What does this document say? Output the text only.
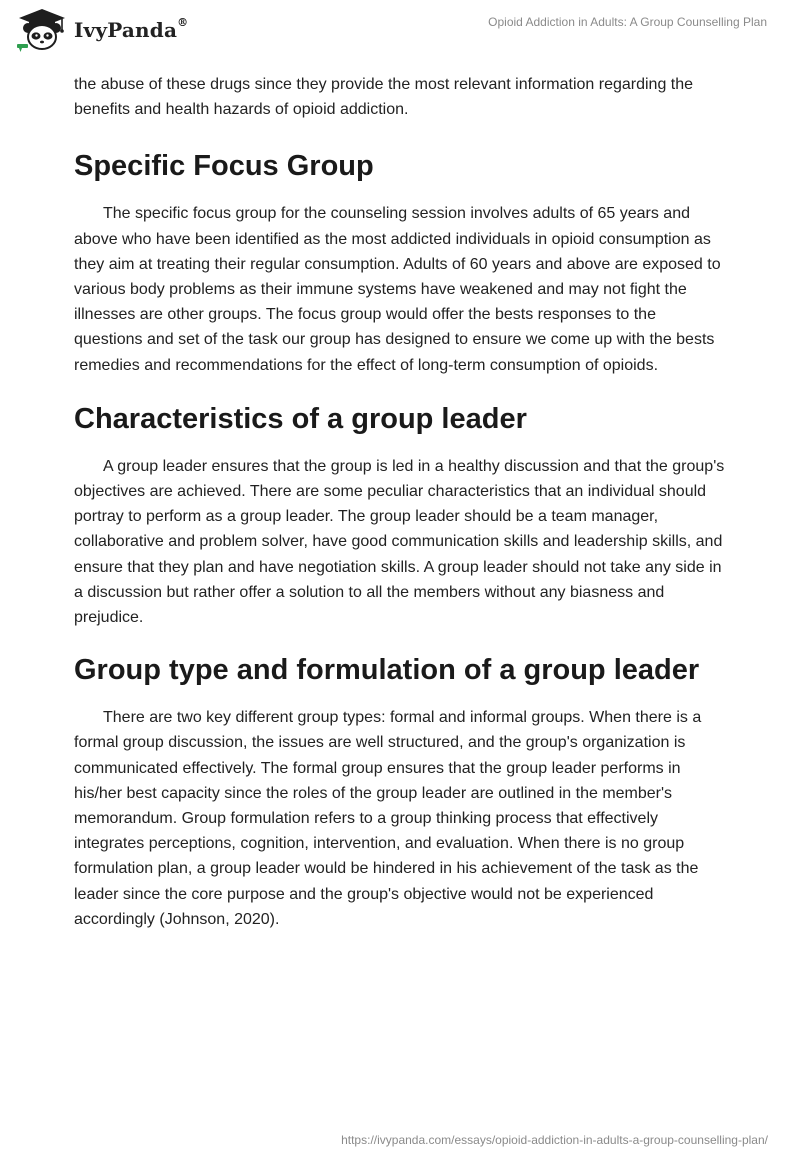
IvyPanda®	Opioid Addiction in Adults: A Group Counselling Plan

the abuse of these drugs since they provide the most relevant information regarding the benefits and health hazards of opioid addiction.

Specific Focus Group

The specific focus group for the counseling session involves adults of 65 years and above who have been identified as the most addicted individuals in opioid consumption as they aim at treating their regular consumption. Adults of 60 years and above are exposed to various body problems as their immune systems have weakened and may not fight the illnesses are other groups. The focus group would offer the bests responses to the questions and set of the task our group has designed to ensure we come up with the bests remedies and recommendations for the effect of long-term consumption of opioids.

Characteristics of a group leader

A group leader ensures that the group is led in a healthy discussion and that the group's objectives are achieved. There are some peculiar characteristics that an individual should portray to perform as a group leader. The group leader should be a team manager, collaborative and problem solver, have good communication skills and leadership skills, and ensure that they plan and have negotiation skills. A group leader should not take any side in a discussion but rather offer a solution to all the members without any biasness and prejudice.

Group type and formulation of a group leader

There are two key different group types: formal and informal groups. When there is a formal group discussion, the issues are well structured, and the group's organization is communicated effectively. The formal group ensures that the group leader performs in his/her best capacity since the roles of the group leader are outlined in the member's memorandum. Group formulation refers to a group thinking process that effectively integrates perceptions, cognition, intervention, and evaluation. When there is no group formulation plan, a group leader would be hindered in his achievement of the task as the leader since the core purpose and the group's objective would not be experienced accordingly (Johnson, 2020).

https://ivypanda.com/essays/opioid-addiction-in-adults-a-group-counselling-plan/
